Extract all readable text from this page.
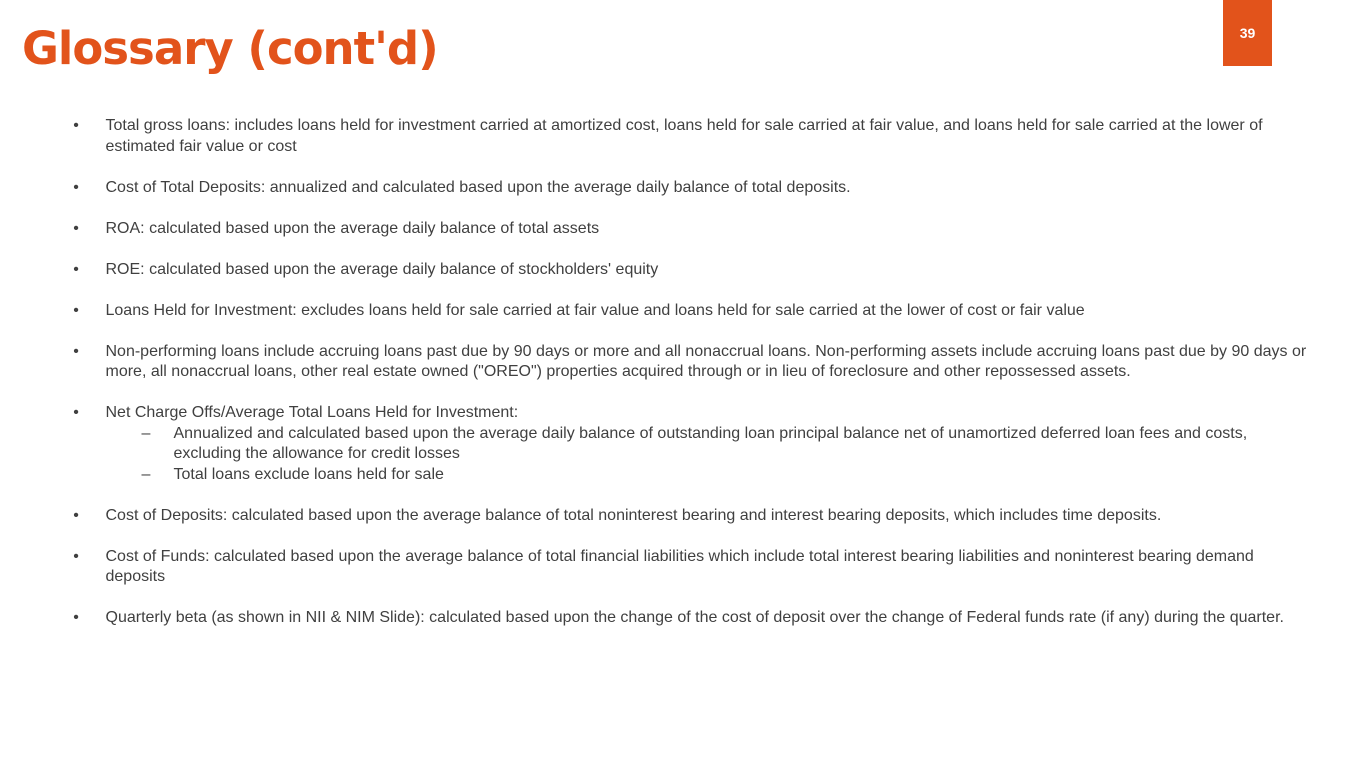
Glossary (cont'd)	39
• Total gross loans: includes loans held for investment carried at amortized cost, loans held for sale carried at fair value, and loans held for sale carried at the lower of estimated fair value or cost
• Cost of Total Deposits: annualized and calculated based upon the average daily balance of total deposits.
• ROA: calculated based upon the average daily balance of total assets
• ROE: calculated based upon the average daily balance of stockholders' equity
• Loans Held for Investment: excludes loans held for sale carried at fair value and loans held for sale carried at the lower of cost or fair value
• Non-performing loans include accruing loans past due by 90 days or more and all nonaccrual loans. Non-performing assets include accruing loans past due by 90 days or more, all nonaccrual loans, other real estate owned ("OREO") properties acquired through or in lieu of foreclosure and other repossessed assets.
• Net Charge Offs/Average Total Loans Held for Investment:
– Annualized and calculated based upon the average daily balance of outstanding loan principal balance net of unamortized deferred loan fees and costs, excluding the allowance for credit losses
– Total loans exclude loans held for sale
• Cost of Deposits: calculated based upon the average balance of total noninterest bearing and interest bearing deposits, which includes time deposits.
• Cost of Funds: calculated based upon the average balance of total financial liabilities which include total interest bearing liabilities and noninterest bearing demand deposits
• Quarterly beta (as shown in NII & NIM Slide): calculated based upon the change of the cost of deposit over the change of Federal funds rate (if any) during the quarter.
